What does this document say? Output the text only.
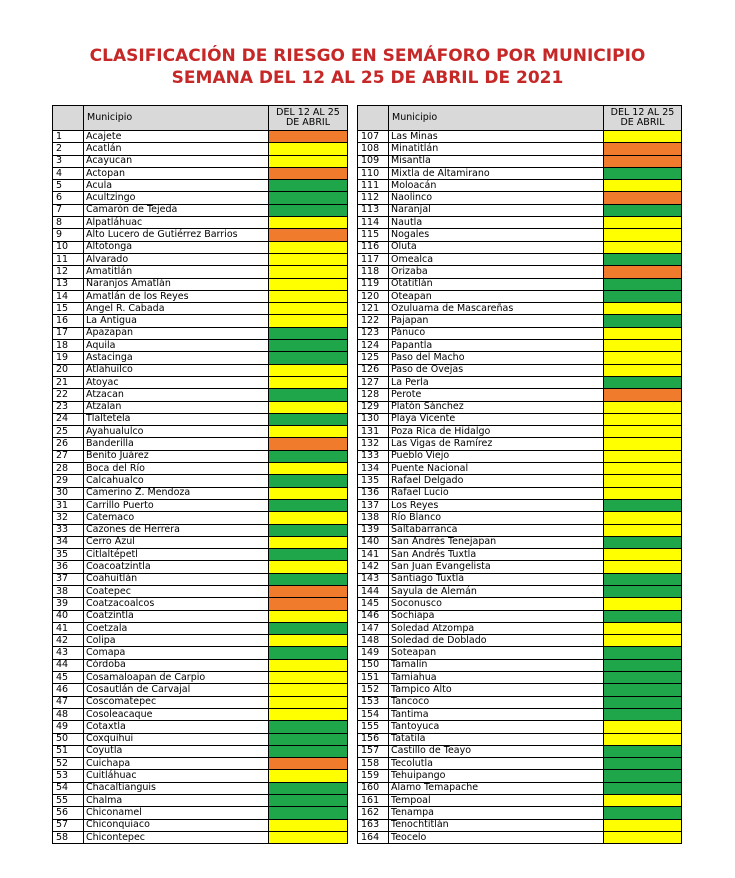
CLASIFICACIÓN DE RIESGO EN SEMÁFORO POR MUNICIPIO
SEMANA DEL 12 AL 25 DE ABRIL DE 2021
	Municipio	DEL 12 AL 25
DE ABRIL

1	Acajete	
2	Acatlán	
3	Acayucan	
4	Actopan	
5	Acula	
6	Acultzingo	
7	Camarón de Tejeda	
8	Alpatláhuac	
9	Alto Lucero de Gutiérrez Barrios	
10	Altotonga	
11	Alvarado	
12	Amatitlán	
13	Naranjos Amatlán	
14	Amatlán de los Reyes	
15	Angel R. Cabada	
16	La Antigua	
17	Apazapan	
18	Aquila	
19	Astacinga	
20	Atlahuilco	
21	Atoyac	
22	Atzacan	
23	Atzalan	
24	Tlaltetela	
25	Ayahualulco	
26	Banderilla	
27	Benito Juárez	
28	Boca del Río	
29	Calcahualco	
30	Camerino Z. Mendoza	
31	Carrillo Puerto	
32	Catemaco	
33	Cazones de Herrera	
34	Cerro Azul	
35	Citlaltépetl	
36	Coacoatzintla	
37	Coahuitlán	
38	Coatepec	
39	Coatzacoalcos	
40	Coatzintla	
41	Coetzala	
42	Colipa	
43	Comapa	
44	Córdoba	
45	Cosamaloapan de Carpio	
46	Cosautlán de Carvajal	
47	Coscomatepec	
48	Cosoleacaque	
49	Cotaxtla	
50	Coxquihui	
51	Coyutla	
52	Cuichapa	
53	Cuitláhuac	
54	Chacaltianguis	
55	Chalma	
56	Chiconamel	
57	Chiconquiaco	
58	Chicontepec	
	Municipio	DEL 12 AL 25
DE ABRIL

107	Las Minas	
108	Minatitlán	
109	Misantla	
110	Mixtla de Altamirano	
111	Moloacán	
112	Naolinco	
113	Naranjal	
114	Nautla	
115	Nogales	
116	Oluta	
117	Omealca	
118	Orizaba	
119	Otatitlán	
120	Oteapan	
121	Ozuluama de Mascareñas	
122	Pajapan	
123	Pánuco	
124	Papantla	
125	Paso del Macho	
126	Paso de Ovejas	
127	La Perla	
128	Perote	
129	Platón Sánchez	
130	Playa Vicente	
131	Poza Rica de Hidalgo	
132	Las Vigas de Ramírez	
133	Pueblo Viejo	
134	Puente Nacional	
135	Rafael Delgado	
136	Rafael Lucio	
137	Los Reyes	
138	Río Blanco	
139	Saltabarranca	
140	San Andrés Tenejapan	
141	San Andrés Tuxtla	
142	San Juan Evangelista	
143	Santiago Tuxtla	
144	Sayula de Alemán	
145	Soconusco	
146	Sochiapa	
147	Soledad Atzompa	
148	Soledad de Doblado	
149	Soteapan	
150	Tamalín	
151	Tamiahua	
152	Tampico Alto	
153	Tancoco	
154	Tantima	
155	Tantoyuca	
156	Tatatila	
157	Castillo de Teayo	
158	Tecolutla	
159	Tehuipango	
160	Alamo Temapache	
161	Tempoal	
162	Tenampa	
163	Tenochtitlán	
164	Teocelo	
